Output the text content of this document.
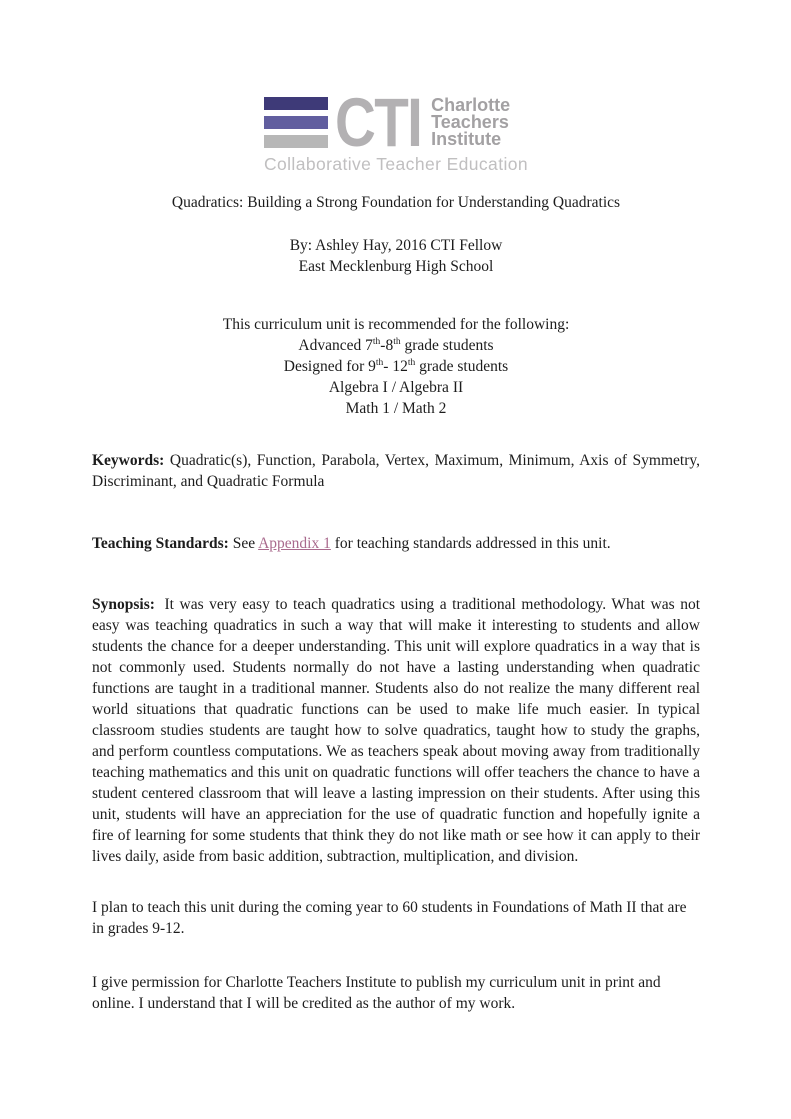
CTI Charlotte
Teachers
Institute
Collaborative Teacher Education
Quadratics: Building a Strong Foundation for Understanding Quadratics
By: Ashley Hay, 2016 CTI Fellow
East Mecklenburg High School
This curriculum unit is recommended for the following:
Advanced 7th-8th grade students
Designed for 9th- 12th grade students
Algebra I / Algebra II
Math 1 / Math 2
Keywords: Quadratic(s), Function, Parabola, Vertex, Maximum, Minimum, Axis of Symmetry, Discriminant, and Quadratic Formula
Teaching Standards: See Appendix 1 for teaching standards addressed in this unit.
Synopsis: It was very easy to teach quadratics using a traditional methodology. What was not easy was teaching quadratics in such a way that will make it interesting to students and allow students the chance for a deeper understanding. This unit will explore quadratics in a way that is not commonly used. Students normally do not have a lasting understanding when quadratic functions are taught in a traditional manner. Students also do not realize the many different real world situations that quadratic functions can be used to make life much easier. In typical classroom studies students are taught how to solve quadratics, taught how to study the graphs, and perform countless computations. We as teachers speak about moving away from traditionally teaching mathematics and this unit on quadratic functions will offer teachers the chance to have a student centered classroom that will leave a lasting impression on their students. After using this unit, students will have an appreciation for the use of quadratic function and hopefully ignite a fire of learning for some students that think they do not like math or see how it can apply to their lives daily, aside from basic addition, subtraction, multiplication, and division.
I plan to teach this unit during the coming year to 60 students in Foundations of Math II that are in grades 9-12.
I give permission for Charlotte Teachers Institute to publish my curriculum unit in print and online. I understand that I will be credited as the author of my work.
